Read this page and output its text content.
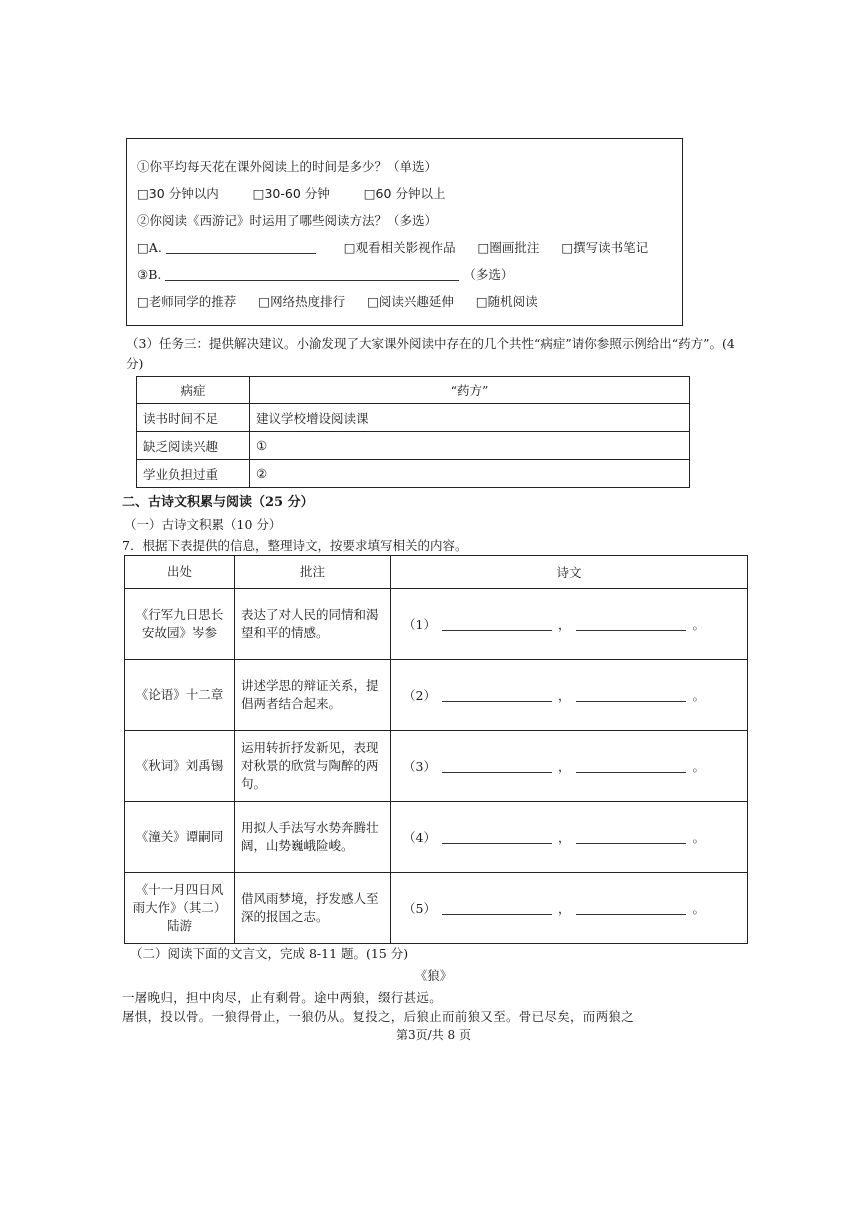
①你平均每天花在课外阅读上的时间是多少？（单选）
□30 分钟以内	□30-60 分钟	□60 分钟以上
②你阅读《西游记》时运用了哪些阅读方法？（多选）
□A.	□观看相关影视作品 □圈画批注 □撰写读书笔记
③B.	（多选）
□老师同学的推荐 □网络热度排行 □阅读兴趣延伸 □随机阅读
（3）任务三：提供解决建议。小渝发现了大家课外阅读中存在的几个共性“病症”请你参照示例给出“药方”。(4 分)
病症	“药方”
读书时间不足	建议学校增设阅读课
缺乏阅读兴趣	①
学业负担过重	②
二、古诗文积累与阅读（25 分）
（一）古诗文积累（10 分）
7．根据下表提供的信息，整理诗文，按要求填写相关的内容。
出处	批注	诗文
《行军九日思长安故园》岑参	表达了对人民的同情和渴望和平的情感。	（1） ， 。
《论语》十二章	讲述学思的辩证关系，提倡两者结合起来。	（2） ， 。
《秋词》刘禹锡	运用转折抒发新见，表现对秋景的欣赏与陶醉的两句。	（3） ， 。
《潼关》谭嗣同	用拟人手法写水势奔腾壮阔，山势巍峨险峻。	（4） ， 。
《十一月四日风雨大作》（其二）陆游	借风雨梦境，抒发感人至深的报国之志。	（5） ， 。
（二）阅读下面的文言文，完成 8-11 题。(15 分)
《狼》
一屠晚归，担中肉尽，止有剩骨。途中两狼，缀行甚远。
屠惧，投以骨。一狼得骨止，一狼仍从。复投之，后狼止而前狼又至。骨已尽矣，而两狼之
第3页/共 8 页
